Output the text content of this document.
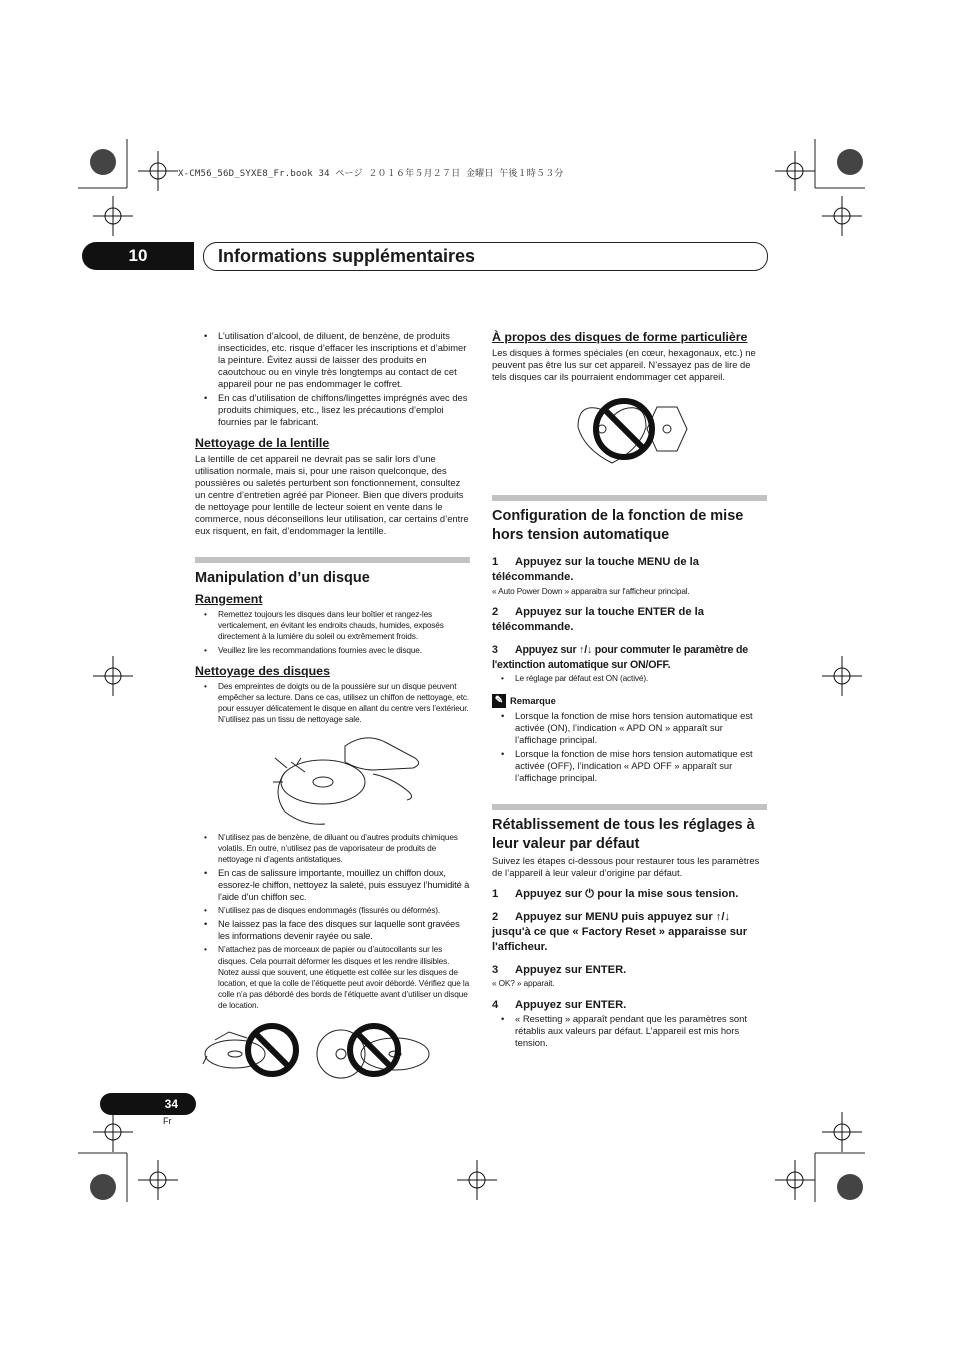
X-CM56_56D_SYXE8_Fr.book 34 ページ ２０１６年５月２７日 金曜日 午後１時５３分
10	Informations supplémentaires
• L’utilisation d’alcool, de diluent, de benzène, de produits insecticides, etc. risque d’effacer les inscriptions et d’abimer la peinture. Évitez aussi de laisser des produits en caoutchouc ou en vinyle très longtemps au contact de cet appareil pour ne pas endommager le coffret.
• En cas d’utilisation de chiffons/lingettes imprégnés avec des produits chimiques, etc., lisez les précautions d’emploi fournies par le fabricant.
Nettoyage de la lentille

La lentille de cet appareil ne devrait pas se salir lors d’une utilisation normale, mais si, pour une raison quelconque, des poussières ou saletés perturbent son fonctionnement, consultez un centre d’entretien agréé par Pioneer. Bien que divers produits de nettoyage pour lentille de lecteur soient en vente dans le commerce, nous déconseillons leur utilisation, car certains d’entre eux risquent, en fait, d’endommager la lentille.

Manipulation d’un disque
Rangement
• Remettez toujours les disques dans leur boîtier et rangez-les verticalement, en évitant les endroits chauds, humides, exposés directement à la lumière du soleil ou extrêmement froids.
• Veuillez lire les recommandations fournies avec le disque.
Nettoyage des disques
• Des empreintes de doigts ou de la poussière sur un disque peuvent empêcher sa lecture. Dans ce cas, utilisez un chiffon de nettoyage, etc. pour essuyer délicatement le disque en allant du centre vers l’extérieur. N’utilisez pas un tissu de nettoyage sale.
• N’utilisez pas de benzène, de diluant ou d’autres produits chimiques volatils. En outre, n’utilisez pas de vaporisateur de produits de nettoyage ni d’agents antistatiques.
• En cas de salissure importante, mouillez un chiffon doux, essorez-le chiffon, nettoyez la saleté, puis essuyez l’humidité à l’aide d’un chiffon sec.
• N’utilisez pas de disques endommagés (fissurés ou déformés).
• Ne laissez pas la face des disques sur laquelle sont gravées les informations devenir rayée ou sale.
• N’attachez pas de morceaux de papier ou d’autocollants sur les disques. Cela pourrait déformer les disques et les rendre illisibles. Notez aussi que souvent, une étiquette est collée sur les disques de location, et que la colle de l’étiquette peut avoir débordé. Vérifiez que la colle n’a pas débordé des bords de l’étiquette avant d’utiliser un disque de location.
À propos des disques de forme particulière

Les disques à formes spéciales (en cœur, hexagonaux, etc.) ne peuvent pas être lus sur cet appareil. N’essayez pas de lire de tels disques car ils pourraient endommager cet appareil.

Configuration de la fonction de mise hors tension automatique
1 Appuyez sur la touche MENU de la télécommande.

« Auto Power Down » apparaitra sur l'afficheur principal.

2 Appuyez sur la touche ENTER de la télécommande.
3 Appuyez sur ↑/↓ pour commuter le paramètre de l'extinction automatique sur ON/OFF.
• Le réglage par défaut est ON (activé).
✎ Remarque
• Lorsque la fonction de mise hors tension automatique est activée (ON), l’indication « APD ON » apparaît sur l’affichage principal.
• Lorsque la fonction de mise hors tension automatique est activée (OFF), l’indication « APD OFF » apparaît sur l’affichage principal.
Rétablissement de tous les réglages à leur valeur par défaut

Suivez les étapes ci-dessous pour restaurer tous les paramètres de l’appareil à leur valeur d’origine par défaut.

1 Appuyez sur ⏻ pour la mise sous tension.
2 Appuyez sur MENU puis appuyez sur ↑/↓ jusqu'à ce que « Factory Reset » apparaisse sur l'afficheur.
3 Appuyez sur ENTER.

« OK? » apparait.

4 Appuyez sur ENTER.
• « Resetting » apparaît pendant que les paramètres sont rétablis aux valeurs par défaut. L’appareil est mis hors tension.
34
Fr
